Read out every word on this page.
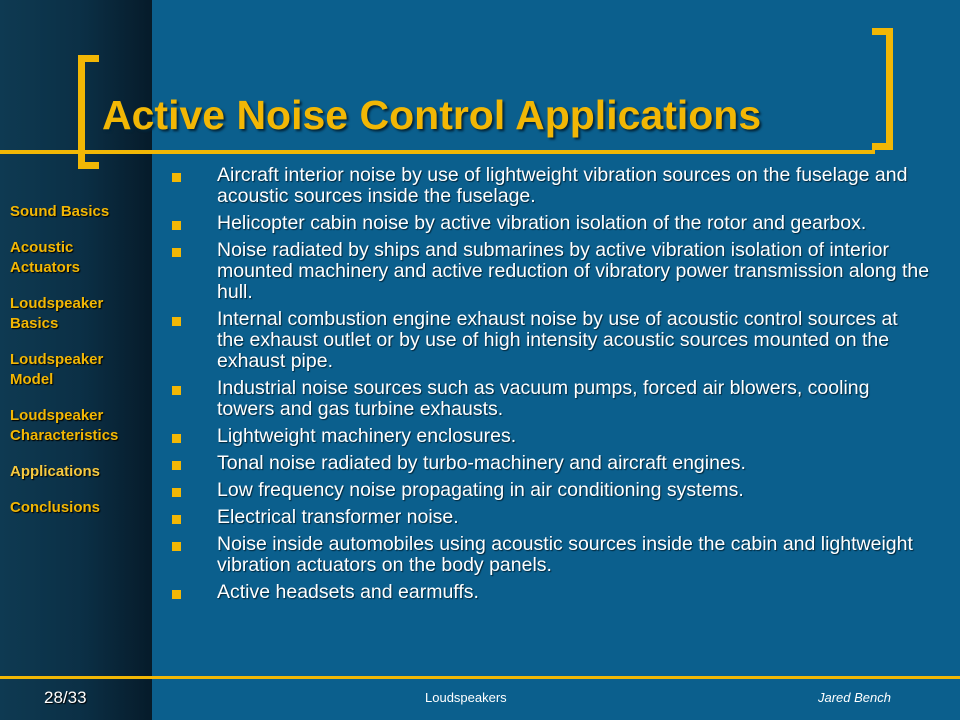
Active Noise Control Applications
Sound Basics
Acoustic
Actuators
Loudspeaker
Basics
Loudspeaker
Model
Loudspeaker
Characteristics
Applications
Conclusions
Aircraft interior noise by use of lightweight vibration sources on the fuselage and acoustic sources inside the fuselage.
Helicopter cabin noise by active vibration isolation of the rotor and gearbox.
Noise radiated by ships and submarines by active vibration isolation of interior mounted machinery and active reduction of vibratory power transmission along the hull.
Internal combustion engine exhaust noise by use of acoustic control sources at the exhaust outlet or by use of high intensity acoustic sources mounted on the exhaust pipe.
Industrial noise sources such as vacuum pumps, forced air blowers, cooling towers and gas turbine exhausts.
Lightweight machinery enclosures.
Tonal noise radiated by turbo-machinery and aircraft engines.
Low frequency noise propagating in air conditioning systems.
Electrical transformer noise.
Noise inside automobiles using acoustic sources inside the cabin and lightweight vibration actuators on the body panels.
Active headsets and earmuffs.
28/33	Loudspeakers	Jared Bench
